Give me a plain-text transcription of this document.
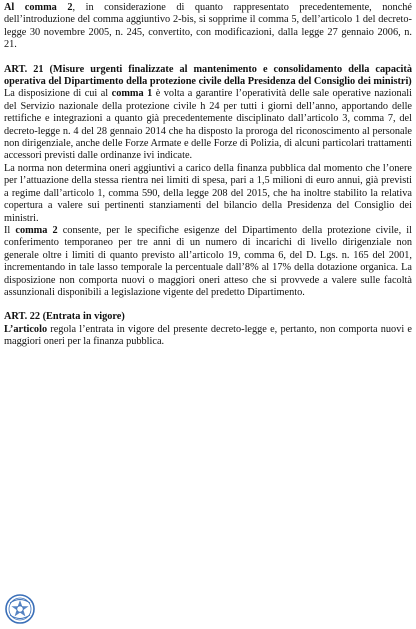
Al comma 2, in considerazione di quanto rappresentato precedentemente, nonché dell’introduzione del comma aggiuntivo 2-bis, si sopprime il comma 5, dell’articolo 1 del decreto-legge 30 novembre 2005, n. 245, convertito, con modificazioni, dalla legge 27 gennaio 2006, n. 21.

ART. 21 (Misure urgenti finalizzate al mantenimento e consolidamento della capacità operativa del Dipartimento della protezione civile della Presidenza del Consiglio dei ministri)

La disposizione di cui al comma 1 è volta a garantire l’operatività delle sale operative nazionali del Servizio nazionale della protezione civile h 24 per tutti i giorni dell’anno, apportando delle rettifiche e integrazioni a quanto già precedentemente disciplinato dall’articolo 3, comma 7, del decreto-legge n. 4 del 28 gennaio 2014 che ha disposto la proroga del riconoscimento al personale non dirigenziale, anche delle Forze Armate e delle Forze di Polizia, di alcuni particolari trattamenti accessori previsti dalle ordinanze ivi indicate.

La norma non determina oneri aggiuntivi a carico della finanza pubblica dal momento che l’onere per l’attuazione della stessa rientra nei limiti di spesa, pari a 1,5 milioni di euro annui, già previsti a regime dall’articolo 1, comma 590, della legge 208 del 2015, che ha inoltre stabilito la relativa copertura a valere sui pertinenti stanziamenti del bilancio della Presidenza del Consiglio dei ministri.

Il comma 2 consente, per le specifiche esigenze del Dipartimento della protezione civile, il conferimento temporaneo per tre anni di un numero di incarichi di livello dirigenziale non generale oltre i limiti di quanto previsto all’articolo 19, comma 6, del D. Lgs. n. 165 del 2001, incrementando in tale lasso temporale la percentuale dall’8% al 17% della dotazione organica. La disposizione non comporta nuovi o maggiori oneri atteso che si provvede a valere sulle facoltà assunzionali disponibili a legislazione vigente del predetto Dipartimento.

ART. 22 (Entrata in vigore)

L’articolo regola l’entrata in vigore del presente decreto-legge e, pertanto, non comporta nuovi e maggiori oneri per la finanza pubblica.
